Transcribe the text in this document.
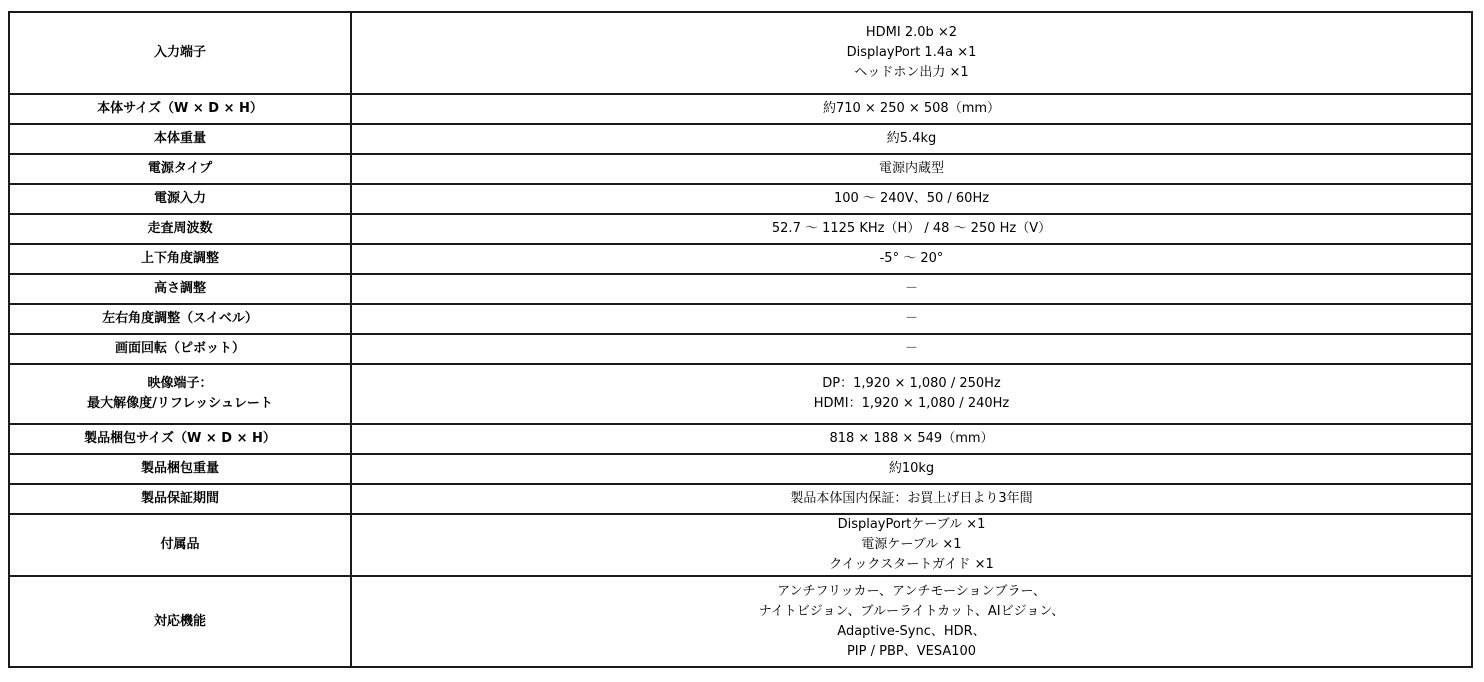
入力端子	HDMI 2.0b ×2
DisplayPort 1.4a ×1
ヘッドホン出力 ×1

本体サイズ（W × D × H）	約710 × 250 × 508（mm）

本体重量	約5.4kg

電源タイプ	電源内蔵型

電源入力	100 ～ 240V、50 / 60Hz

走査周波数	52.7 ～ 1125 KHz（H） / 48 ～ 250 Hz（V）

上下角度調整	-5° ～ 20°

高さ調整	－

左右角度調整（スイベル）	－

画面回転（ピボット）	－

映像端子：
最大解像度/リフレッシュレート	DP：1,920 × 1,080 / 250Hz
HDMI：1,920 × 1,080 / 240Hz

製品梱包サイズ（W × D × H）	818 × 188 × 549（mm）

製品梱包重量	約10kg

製品保証期間	製品本体国内保証：お買上げ日より3年間

付属品	DisplayPortケーブル ×1
電源ケーブル ×1
クイックスタートガイド ×1

対応機能	アンチフリッカー、アンチモーションブラー、
ナイトビジョン、ブルーライトカット、AIビジョン、
Adaptive-Sync、HDR、
PIP / PBP、VESA100
